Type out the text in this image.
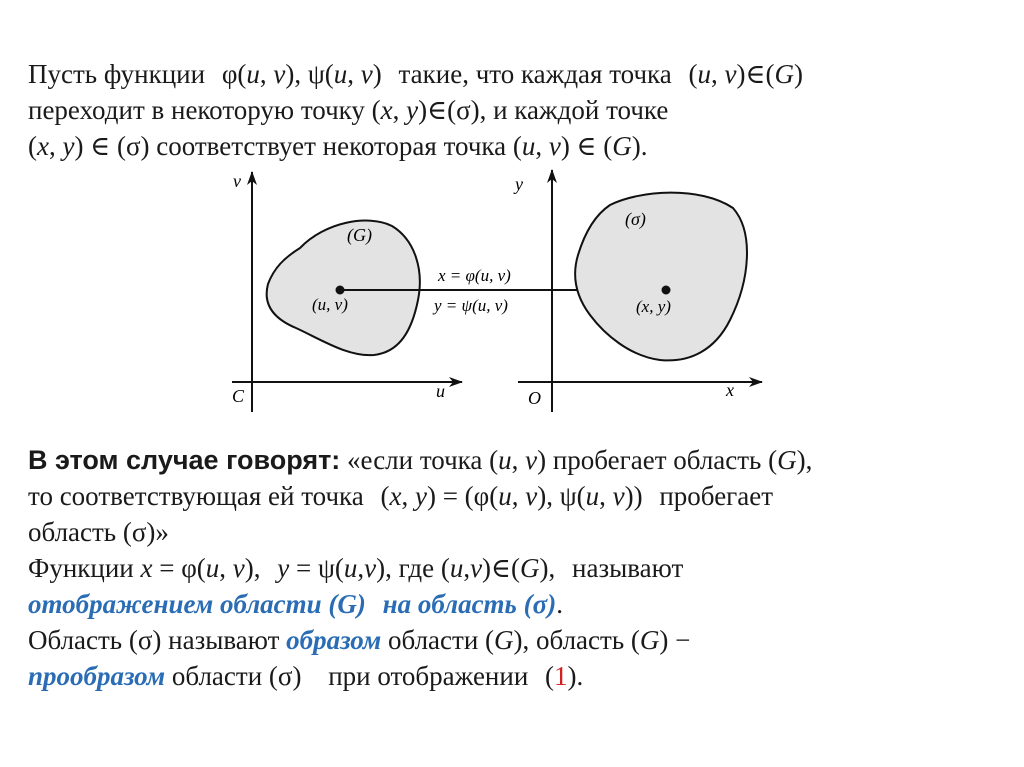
Пусть функции φ(u, v), ψ(u, v) такие, что каждая точка (u, v)∈(G)
переходит в некоторую точку (x, y)∈(σ), и каждой точке
(x, y) ∈ (σ) соответствует некоторая точка (u, v) ∈ (G).
v
u
C
(G)
(u, v)
x = φ(u, v)
y = ψ(u, v)
y
x
O
(σ)
(x, y)
В этом случае говорят: «если точка (u, v) пробегает область (G),
то соответствующая ей точка (x, y) = (φ(u, v), ψ(u, v)) пробегает
область (σ)»
Функции x = φ(u, v), y = ψ(u,v), где (u,v)∈(G), называют
отображением области (G) на область (σ).
Область (σ) называют образом области (G), область (G) −
прообразом области (σ) при отображении (1).
